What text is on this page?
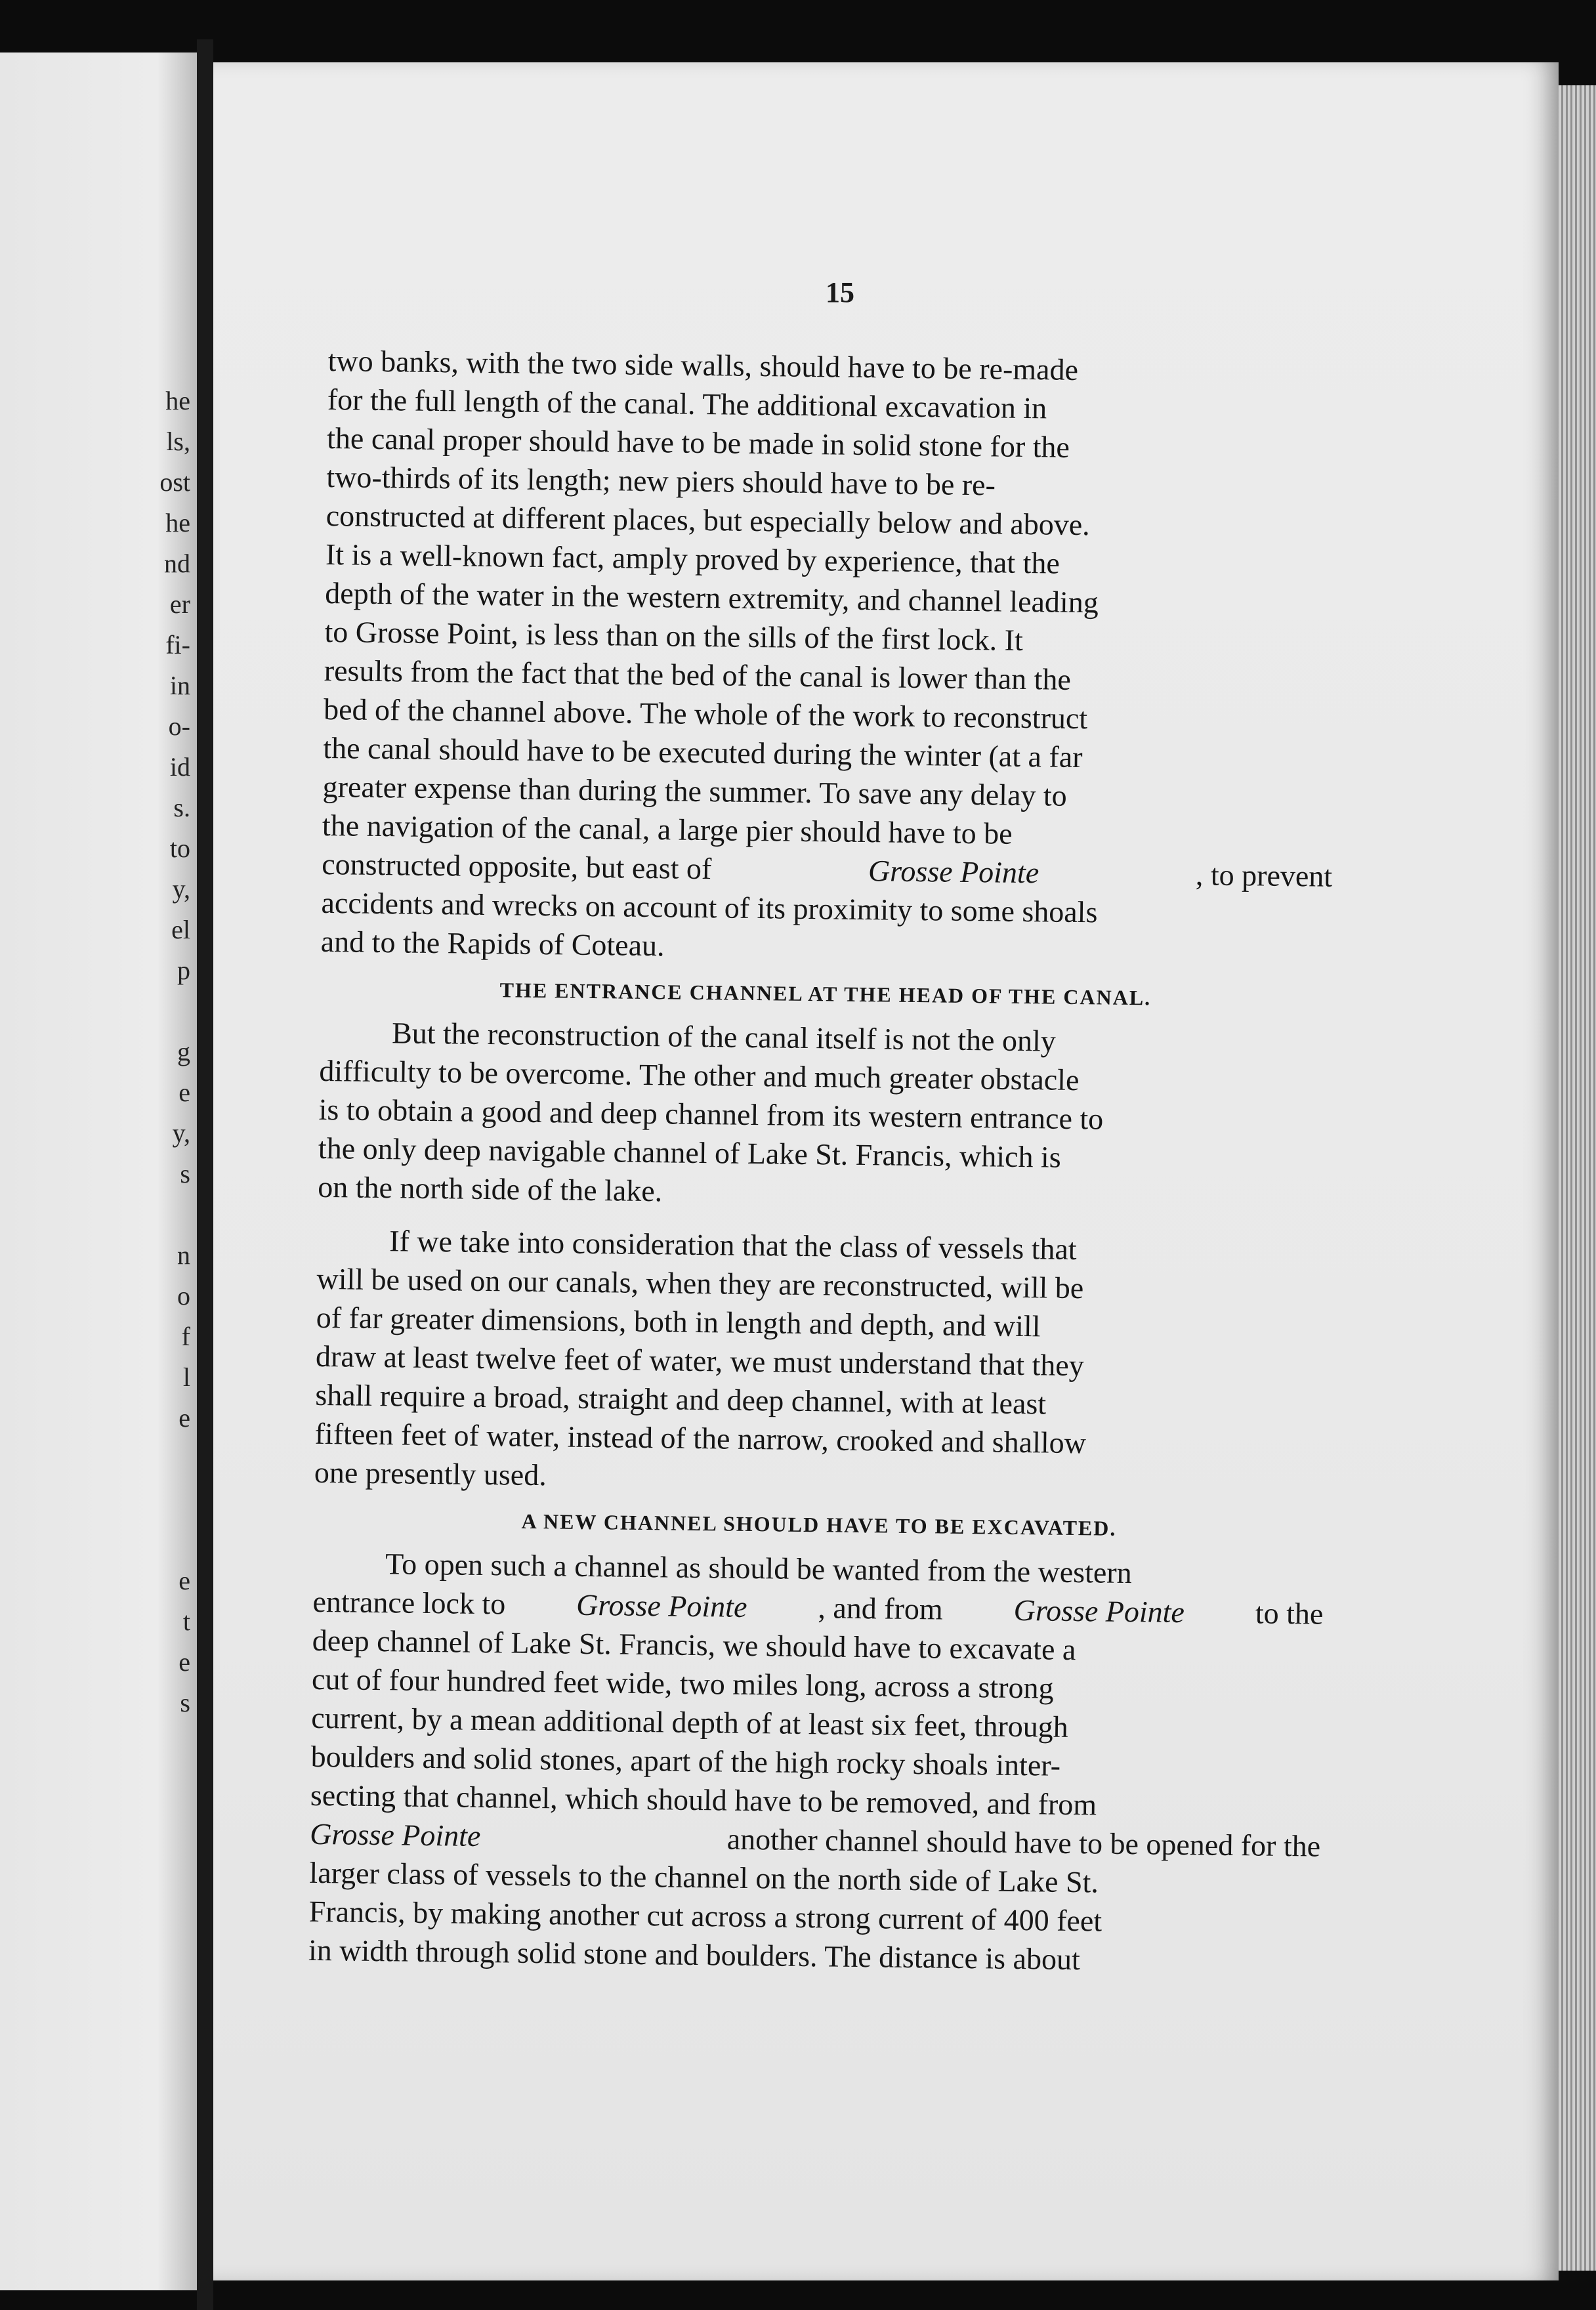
he
ls,
ost
he
nd
er
fi-
in
o-
id
s.
to
y,
el
p
g
e
y,
s
n
o
f
l
e
e
t
e
s
15
two banks, with the two side walls, should have to be re-made
for the full length of the canal. The additional excavation in
the canal proper should have to be made in solid stone for the
two-thirds of its length; new piers should have to be re-
constructed at different places, but especially below and above.
It is a well-known fact, amply proved by experience, that the
depth of the water in the western extremity, and channel leading
to Grosse Point, is less than on the sills of the first lock. It
results from the fact that the bed of the canal is lower than the
bed of the channel above. The whole of the work to reconstruct
the canal should have to be executed during the winter (at a far
greater expense than during the summer. To save any delay to
the navigation of the canal, a large pier should have to be
constructed opposite, but east of	Grosse Pointe	, to prevent
accidents and wrecks on account of its proximity to some shoals
and to the Rapids of Coteau.
THE ENTRANCE CHANNEL AT THE HEAD OF THE CANAL.
But the reconstruction of the canal itself is not the only
difficulty to be overcome. The other and much greater obstacle
is to obtain a good and deep channel from its western entrance to
the only deep navigable channel of Lake St. Francis, which is
on the north side of the lake.
If we take into consideration that the class of vessels that
will be used on our canals, when they are reconstructed, will be
of far greater dimensions, both in length and depth, and will
draw at least twelve feet of water, we must understand that they
shall require a broad, straight and deep channel, with at least
fifteen feet of water, instead of the narrow, crooked and shallow
one presently used.
A NEW CHANNEL SHOULD HAVE TO BE EXCAVATED.
To open such a channel as should be wanted from the western
entrance lock to Grosse Pointe , and from Grosse Pointe to the
deep channel of Lake St. Francis, we should have to excavate a
cut of four hundred feet wide, two miles long, across a strong
current, by a mean additional depth of at least six feet, through
boulders and solid stones, apart of the high rocky shoals inter-
secting that channel, which should have to be removed, and from
Grosse Pointe	another channel should have to be opened for the
larger class of vessels to the channel on the north side of Lake St.
Francis, by making another cut across a strong current of 400 feet
in width through solid stone and boulders. The distance is about
